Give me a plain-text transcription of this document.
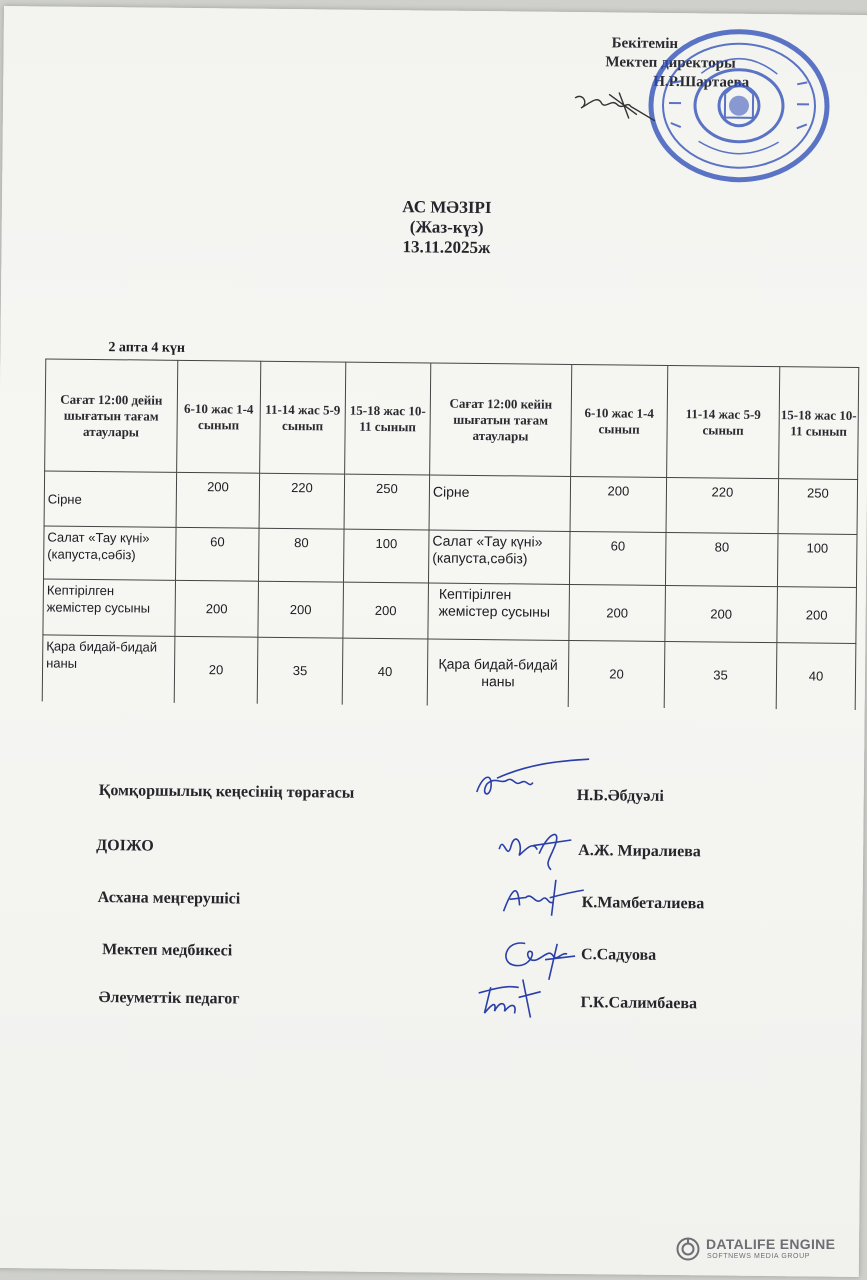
Бекітемін
Мектеп директоры
Н.Р.Шартаева
АС МӘЗІРІ
(Жаз-күз)
13.11.2025ж
2 апта 4 күн
Сағат 12:00 дейін шығатын тағам атаулары	6-10 жас 1-4 сынып	11-14 жас 5-9 сынып	15-18 жас 10-11 сынып	Сағат 12:00 кейін шығатын тағам атаулары	6-10 жас 1-4 сынып	11-14 жас 5-9 сынып	15-18 жас 10-11 сынып
Сірне	200	220	250	Сірне	200	220	250
Салат «Тау күні» (капуста,сәбіз)	60	80	100	Салат «Тау күні» (капуста,сәбіз)	60	80	100
Кептірілген жемістер сусыны	200	200	200	Кептірілген жемістер сусыны	200	200	200
Қара бидай-бидай наны	20	35	40	Қара бидай-бидай наны	20	35	40
Қомқоршылық кеңесінің төрағасы	Н.Б.Әбдуәлі
ДОІЖО	А.Ж. Миралиева
Асхана меңгерушісі	К.Мамбеталиева
Мектеп медбикесі	С.Садуова
Әлеуметтік педагог	Г.К.Салимбаева
DATALIFE ENGINE
SOFTNEWS MEDIA GROUP
